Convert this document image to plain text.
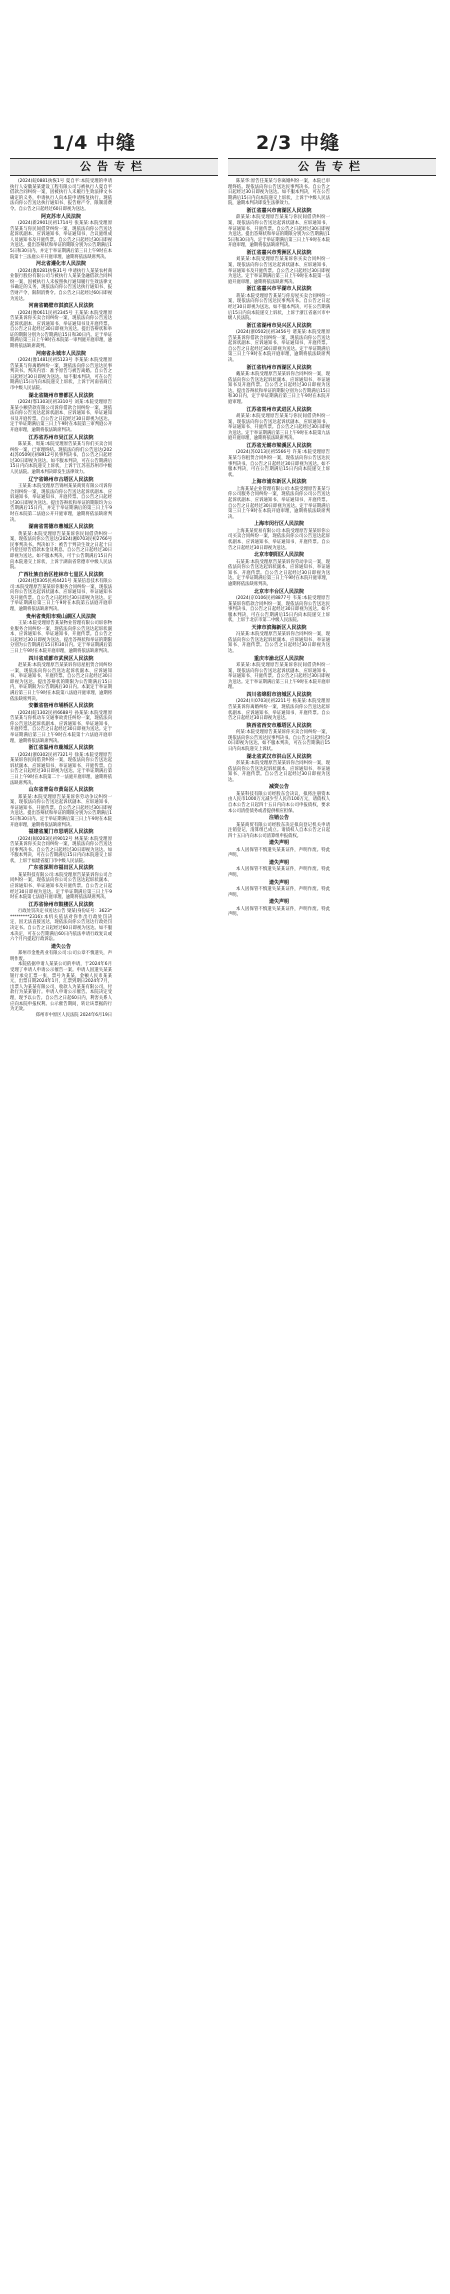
1/4 中缝	2/3 中缝
公告专栏

(2024)皖0881执恢1号 夏自平:本院受理的申请执行人安徽某某建设工程有限公司与被执行人夏自平借款合同纠纷一案，因被执行人未履行生效法律文书确定的义务，申请执行人向本院申请恢复执行。现依法向你公告送达执行通知书、报告财产令、限制消费令。自公告之日起经过60日即视为送达。

阿克苏市人民法院

(2024)新2901民初1714号 张某某:本院受理原告某某与你民间借贷纠纷一案，现依法向你公告送达起诉状副本、应诉通知书、举证通知书、合议庭组成人员通知书及开庭传票。自公告之日起经过30日即视为送达。提出答辩状和举证的期限分别为公告期满后15日和30日内。并定于举证期满后第三日上午9时在本院第十三法庭公开开庭审理，逾期将依法缺席判决。

河北省遵化市人民法院

(2024)冀0281执恢31号 申请执行人某某农村商业银行股份有限公司与被执行人某某金融借款合同纠纷一案，因被执行人未按照执行通知履行生效法律文书确定的义务，现依法向你公告送达执行通知书、报告财产令、限制消费令。自公告之日起经过60日即视为送达。

河南省鹤壁市淇滨区人民法院

(2024)豫0611民初2345号 王某某:本院受理原告某某诉你买卖合同纠纷一案，现依法向你公告送达起诉状副本、应诉通知书、举证通知书及开庭传票。自公告之日起经过30日即视为送达。提出答辩状和举证的期限分别为公告期满后15日和30日内。定于举证期满后第三日上午9时在本院第一审判庭开庭审理，逾期将依法缺席裁判。

河南省永城市人民法院

(2024)豫1481民初5123号 李某某:本院受理原告某某与你离婚纠纷一案，现依法向你公告送达民事判决书。判决内容：准予原告与被告离婚。自公告之日起经过30日即视为送达。如不服本判决，可在公告期满后15日内向本院递交上诉状，上诉于河南省商丘市中级人民法院。

湖北省随州市曾都区人民法院

(2024)鄂1303民初3310号 刘某:本院受理原告某某小额贷款有限公司诉你借款合同纠纷一案，现依法向你公告送达起诉状副本、应诉通知书、举证通知书及开庭传票。自公告之日起经过30日即视为送达。定于举证期满后第三日上午9时在本院第三审判庭公开开庭审理，逾期将依法缺席判决。

江苏省苏州市吴江区人民法院

陈某某、周某:本院受理原告某某与你们买卖合同纠纷一案，已审理终结。现依法向你们公告送达(2024)苏0509民初8912号民事判决书。自公告之日起经过30日即视为送达。如不服本判决，可在公告期满后15日内向本院递交上诉状，上诉于江苏省苏州市中级人民法院。逾期本判决即发生法律效力。

辽宁省锦州市古塔区人民法院

王某某:本院受理原告锦州某某商贸有限公司诉你合同纠纷一案，现依法向你公告送达起诉状副本、应诉通知书、举证通知书、开庭传票。自公告之日起经过30日即视为送达。提出答辩状和举证的期限均为公告期满后15日内，并定于举证期满后的第三日上午9时在本院第二法庭公开开庭审理，逾期将依法缺席判决。

湖南省常德市鼎城区人民法院

黄某某:本院受理原告某某诉你民间借贷纠纷一案，现依法向你公告送达(2024)湘0703民初2766号民事判决书。判决如下：被告于判决生效之日起十日内偿还原告借款本金及利息。自公告之日起经过30日即视为送达。如不服本判决，可于公告期满后15日内向本院递交上诉状，上诉于湖南省常德市中级人民法院。

广西壮族自治区桂林市七星区人民法院

(2024)桂0305民初4421号 某某信息技术有限公司:本院受理原告某某诉你服务合同纠纷一案，现依法向你公告送达起诉状副本、应诉通知书、举证通知书及开庭传票。自公告之日起经过30日即视为送达。定于举证期满后第三日上午9时在本院第五法庭开庭审理，逾期将依法缺席判决。

贵州省贵阳市观山湖区人民法院

王某:本院受理原告某某物业管理有限公司诉你物业服务合同纠纷一案，现依法向你公告送达起诉状副本、应诉通知书、举证通知书、开庭传票。自公告之日起经过30日即视为送达。提出答辩状和举证的期限分别为公告期满后15日和30日内。定于举证期满后第三日上午9时在本院开庭审理，逾期将依法缺席判决。

四川省成都市武侯区人民法院

赵某某:本院受理原告某某诉你房屋租赁合同纠纷一案，现依法向你公告送达起诉状副本、应诉通知书、举证通知书、开庭传票。自公告之日起经过30日即视为送达。提出答辩状的期限为公告期满后15日内，举证期限为公告期满后30日内。本案定于举证期满后第三日上午9时在本院第八法庭开庭审理，逾期将依法缺席判决。

安徽省宿州市埇桥区人民法院

(2024)皖1302民初6688号 孙某某:本院受理原告某某与你机动车交通事故责任纠纷一案，现依法向你公告送达起诉状副本、应诉通知书、举证通知书、开庭传票。自公告之日起经过30日即视为送达。定于举证期满后第三日上午9时在本院第十六法庭开庭审理，逾期将依法缺席判决。

浙江省温州市鹿城区人民法院

(2024)浙0302民初7321号 徐某:本院受理原告某某诉你民间借贷纠纷一案，现依法向你公告送达起诉状副本、应诉通知书、举证通知书、开庭传票。自公告之日起经过30日即视为送达。定于举证期满后第三日上午9时在本院第二十一法庭开庭审理，逾期将依法缺席判决。

山东省青岛市黄岛区人民法院

郑某某:本院受理原告某某诉你劳动争议纠纷一案，现依法向你公告送达起诉状副本、应诉通知书、举证通知书、开庭传票。自公告之日起经过30日即视为送达。提出答辩状和举证的期限分别为公告期满后15日和30日内。定于举证期满后第三日上午9时在本院开庭审理，逾期将依法缺席判决。

福建省厦门市思明区人民法院

(2024)闽0203民初9012号 林某某:本院受理原告某某诉你买卖合同纠纷一案，现依法向你公告送达民事判决书。自公告之日起经过30日即视为送达。如不服本判决，可在公告期满后15日内向本院递交上诉状，上诉于福建省厦门市中级人民法院。

广东省深圳市福田区人民法院

某某科技有限公司:本院受理原告某某诉你公司合同纠纷一案，现依法向你公司公告送达起诉状副本、应诉通知书、举证通知书及开庭传票。自公告之日起经过30日即视为送达。定于举证期满后第三日上午9时在本院第七法庭开庭审理，逾期将依法缺席判决。

江苏省徐州市鼓楼区人民法院

行政处罚决定书送达公告 梁某(身份证号：3623**********2316):本机关依法对你作出行政处罚决定，因无法直接送达，现依法向你公告送达行政处罚决定书。自公告之日起经过60日即视为送达。如不服本决定，可在公告期满后60日内依法申请行政复议或六个月内提起行政诉讼。

遗失公告

郑州市金胜药业有限公司:公司公章不慎遗失，声明作废。

本院依据申请人某某公司的申请，于2024年6月受理了申请人申请公示催告一案。申请人因遗失某某银行承兑汇票一张，票号为某某，金额人民币某某元，出票日期2024年1月，汇票到期日2024年7月，出票人为某某有限公司，收款人为某某有限公司，付款行为某某银行。申请人申请公示催告。本院决定受理，现予以公告。自公告之日起60日内，利害关系人应向本院申报权利。公示催告期间，转让该票据的行为无效。

郑州市中原区人民法院 2024年6月19日
公告专栏

陈某华:原告任某某与你离婚纠纷一案，本院已审理终结。现依法向你公告送达民事判决书。自公告之日起经过30日即视为送达。如不服本判决，可在公告期满后15日内向本院递交上诉状，上诉于中级人民法院，逾期本判决即发生法律效力。

浙江省嘉兴市南湖区人民法院

薛某某:本院受理原告某某与你民间借贷纠纷一案，现依法向你公告送达起诉状副本、应诉通知书、举证通知书、开庭传票。自公告之日起经过30日即视为送达。提出答辩状和举证的期限分别为公告期满后15日和30日内。定于举证期满后第三日上午9时在本院开庭审理，逾期将依法缺席判决。

浙江省嘉兴市秀洲区人民法院

刘某某:本院受理原告某某诉你买卖合同纠纷一案，现依法向你公告送达起诉状副本、应诉通知书、举证通知书及开庭传票。自公告之日起经过30日即视为送达。定于举证期满后第三日上午9时在本院第一法庭开庭审理，逾期将依法缺席判决。

浙江省嘉兴市平湖市人民法院

蒋某:本院受理原告某某与你房屋买卖合同纠纷一案，现依法向你公告送达民事判决书。自公告之日起经过30日即视为送达。如不服本判决，可在公告期满后15日内向本院递交上诉状，上诉于浙江省嘉兴市中级人民法院。

浙江省湖州市吴兴区人民法院

(2024)浙0502民初3456号 诸某某:本院受理原告某某诉你借款合同纠纷一案，现依法向你公告送达起诉状副本、应诉通知书、举证通知书、开庭传票。自公告之日起经过30日即视为送达。定于举证期满后第三日上午9时在本院开庭审理，逾期将依法缺席判决。

浙江省杭州市西湖区人民法院

戴某某:本院受理原告某某诉你合同纠纷一案，现依法向你公告送达起诉状副本、应诉通知书、举证通知书及开庭传票。自公告之日起经过30日即视为送达。提出答辩状和举证的期限分别为公告期满后15日和30日内，定于举证期满后第三日上午9时在本院开庭审理。

江苏省常州市武进区人民法院

胡某某:本院受理原告某某与你民间借贷纠纷一案，现依法向你公告送达起诉状副本、应诉通知书、举证通知书、开庭传票。自公告之日起经过30日即视为送达。定于举证期满后第三日上午9时在本院第九法庭开庭审理，逾期将依法缺席判决。

江苏省无锡市梁溪区人民法院

(2024)苏0213民初5566号 许某:本院受理原告某某与你租赁合同纠纷一案，现依法向你公告送达民事判决书。自公告之日起经过30日即视为送达。如不服本判决，可在公告期满后15日内向本院递交上诉状。

上海市浦东新区人民法院

上海某某企业管理有限公司:本院受理原告某某与你公司服务合同纠纷一案，现依法向你公司公告送达起诉状副本、应诉通知书、举证通知书、开庭传票。自公告之日起经过30日即视为送达。定于举证期满后第三日上午9时在本院开庭审理，逾期将依法缺席判决。

上海市闵行区人民法院

上海某某贸易有限公司:本院受理原告某某诉你公司买卖合同纠纷一案，现依法向你公司公告送达起诉状副本、应诉通知书、举证通知书、开庭传票。自公告之日起经过30日即视为送达。

北京市朝阳区人民法院

石某某:本院受理原告某某诉你劳动争议一案，现依法向你公告送达起诉状副本、应诉通知书、举证通知书、开庭传票。自公告之日起经过30日即视为送达。定于举证期满后第三日上午9时在本院开庭审理，逾期将依法缺席判决。

北京市丰台区人民法院

(2024)京0106民初8877号 韦某:本院受理原告某某诉你借款合同纠纷一案，现依法向你公告送达民事判决书。自公告之日起经过30日即视为送达。如不服本判决，可在公告期满后15日内向本院递交上诉状，上诉于北京市第二中级人民法院。

天津市滨海新区人民法院

冯某某:本院受理原告某某诉你合同纠纷一案，现依法向你公告送达起诉状副本、应诉通知书、举证通知书、开庭传票。自公告之日起经过30日即视为送达。

重庆市渝北区人民法院

邓某某:本院受理原告某某诉你民间借贷纠纷一案，现依法向你公告送达起诉状副本、应诉通知书、举证通知书、开庭传票。自公告之日起经过30日即视为送达。定于举证期满后第三日上午9时在本院开庭审理。

四川省绵阳市涪城区人民法院

(2024)川0703民初2211号 杨某某:本院受理原告某某诉你离婚纠纷一案，现依法向你公告送达起诉状副本、应诉通知书、举证通知书、开庭传票。自公告之日起经过30日即视为送达。

陕西省西安市雁塔区人民法院

何某:本院受理原告某某诉你买卖合同纠纷一案，现依法向你公告送达民事判决书。自公告之日起经过30日即视为送达。如不服本判决，可在公告期满后15日内向本院递交上诉状。

湖北省武汉市洪山区人民法院

彭某某:本院受理原告某某诉你合同纠纷一案，现依法向你公告送达起诉状副本、应诉通知书、举证通知书、开庭传票。自公告之日起经过30日即视为送达。

减资公告

某某科技有限公司经股东会决议，拟将注册资本由人民币1000万元减少至人民币100万元，请债权人自本公告之日起四十五日内向本公司申报债权，要求本公司清偿债务或者提供相应担保。

注销公告

某某商贸有限公司经股东决定拟向登记机关申请注销登记，清算组已成立。请债权人自本公告之日起四十五日内向本公司清算组申报债权。

遗失声明

本人因保管不慎遗失某某证件，声明作废。特此声明。

遗失声明

本人因保管不慎遗失某某证件，声明作废。特此声明。

遗失声明

本人因保管不慎遗失某某证件，声明作废。特此声明。

遗失声明

本人因保管不慎遗失某某证件，声明作废。特此声明。
